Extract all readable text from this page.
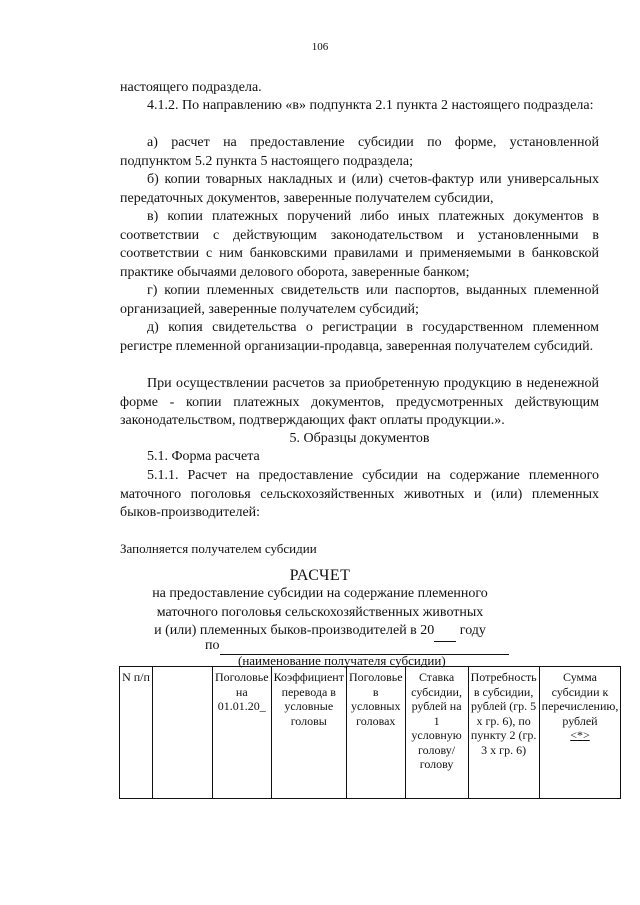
106

настоящего подраздела.

4.1.2. По направлению «в» подпункта 2.1 пункта 2 настоящего подраздела:

а) расчет на предоставление субсидии по форме, установленной подпунктом 5.2 пункта 5 настоящего подраздела;

б) копии товарных накладных и (или) счетов-фактур или универсальных передаточных документов, заверенные получателем субсидии,

в) копии платежных поручений либо иных платежных документов в соответствии с действующим законодательством и установленными в соответствии с ним банковскими правилами и применяемыми в банковской практике обычаями делового оборота, заверенные банком;

г) копии племенных свидетельств или паспортов, выданных племенной организацией, заверенные получателем субсидий;

д) копия свидетельства о регистрации в государственном племенном регистре племенной организации-продавца, заверенная получателем субсидий.

При осуществлении расчетов за приобретенную продукцию в неденежной форме - копии платежных документов, предусмотренных действующим законодательством, подтверждающих факт оплаты продукции.».

5. Образцы документов
5.1. Форма расчета

5.1.1. Расчет на предоставление субсидии на содержание племенного маточного поголовья сельскохозяйственных животных и (или) племенных быков-производителей:

Заполняется получателем субсидии
РАСЧЕТ
на предоставление субсидии на содержание племенного
маточного поголовья сельскохозяйственных животных
и (или) племенных быков-производителей в 20 году
по
(наименование получателя субсидии)
N п/п		Поголовье на 01.01.20_	Коэффициент перевода в условные головы	Поголовье в условных головах	Ставка субсидии, рублей на 1 условную голову/голову	Потребность в субсидии, рублей (гр. 5 х гр. 6), по пункту 2 (гр. 3 х гр. 6)	Сумма субсидии к перечислению, рублей
<*>
